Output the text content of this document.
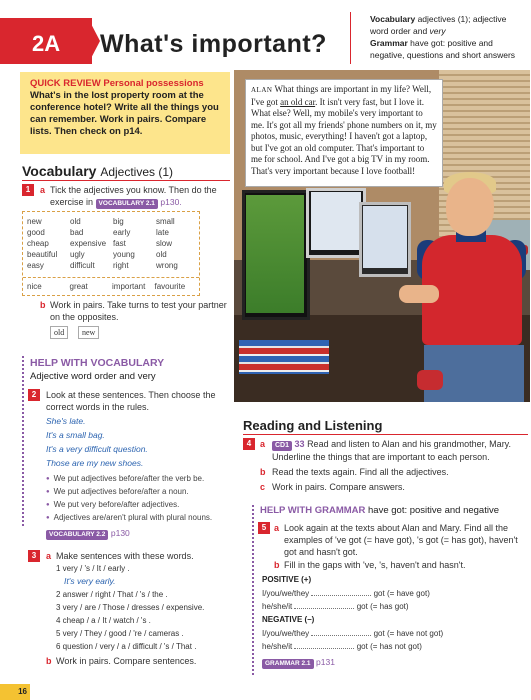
2A What's important?
Vocabulary adjectives (1); adjective
word order and very
Grammar have got: positive and
negative, questions and short answers
QUICK REVIEW Personal possessions
What's in the lost property room at the conference hotel? Write all the things you can remember. Work in pairs. Compare lists. Then check on p14.
Vocabulary Adjectives (1)
1	a Tick the adjectives you know. Then do the exercise in VOCABULARY 2.1 p130.
new	old	big	small
good	bad	early	late
cheap	expensive fast	slow
beautiful	ugly	young	old
easy	difficult	right	wrong
nice	great	important	favourite
b Work in pairs. Take turns to test your partner on the opposites.
old	new
HELP WITH VOCABULARY
Adjective word order and very
2	Look at these sentences. Then choose the correct words in the rules.
She's late.
It's a small bag.
It's a very difficult question.
Those are my new shoes.
● We put adjectives before/after the verb be.
● We put adjectives before/after a noun.
● We put very before/after adjectives.
● Adjectives are/aren't plural with plural nouns.
VOCABULARY 2.2 p130
3	a Make sentences with these words.
1 very / 's / It / early .
It's very early.
2 answer / right / That / 's / the .
3 very / are / Those / dresses / expensive.
4 cheap / a / It / watch / 's .
5 very / They / good / 're / cameras .
6 question / very / a / difficult / 's / That .
b Work in pairs. Compare sentences.
ALAN What things are important in my life? Well, I've got an old car. It isn't very fast, but I love it. What else? Well, my mobile's very important to me. It's got all my friends' phone numbers on it, my photos, music, everything! I haven't got a laptop, but I've got an old computer. That's important to me for school. And I've got a big TV in my room. That's very important because I love football!
Reading and Listening
4 a	CD1 33 Read and listen to Alan and his grandmother, Mary. Underline the things that are important to each person.
b Read the texts again. Find all the adjectives.
c Work in pairs. Compare answers.
HELP WITH GRAMMAR have got: positive and negative
5 a Look again at the texts about Alan and Mary. Find all the examples of 've got (= have got), 's got (= has got), haven't got and hasn't got.
b Fill in the gaps with 've, 's, haven't and hasn't.
POSITIVE (+)
I/you/we/they	got (= have got)
he/she/it	got (= has got)
NEGATIVE (–)
I/you/we/they	got (= have not got)
he/she/it	got (= has not got)
GRAMMAR 2.1 p131
16
